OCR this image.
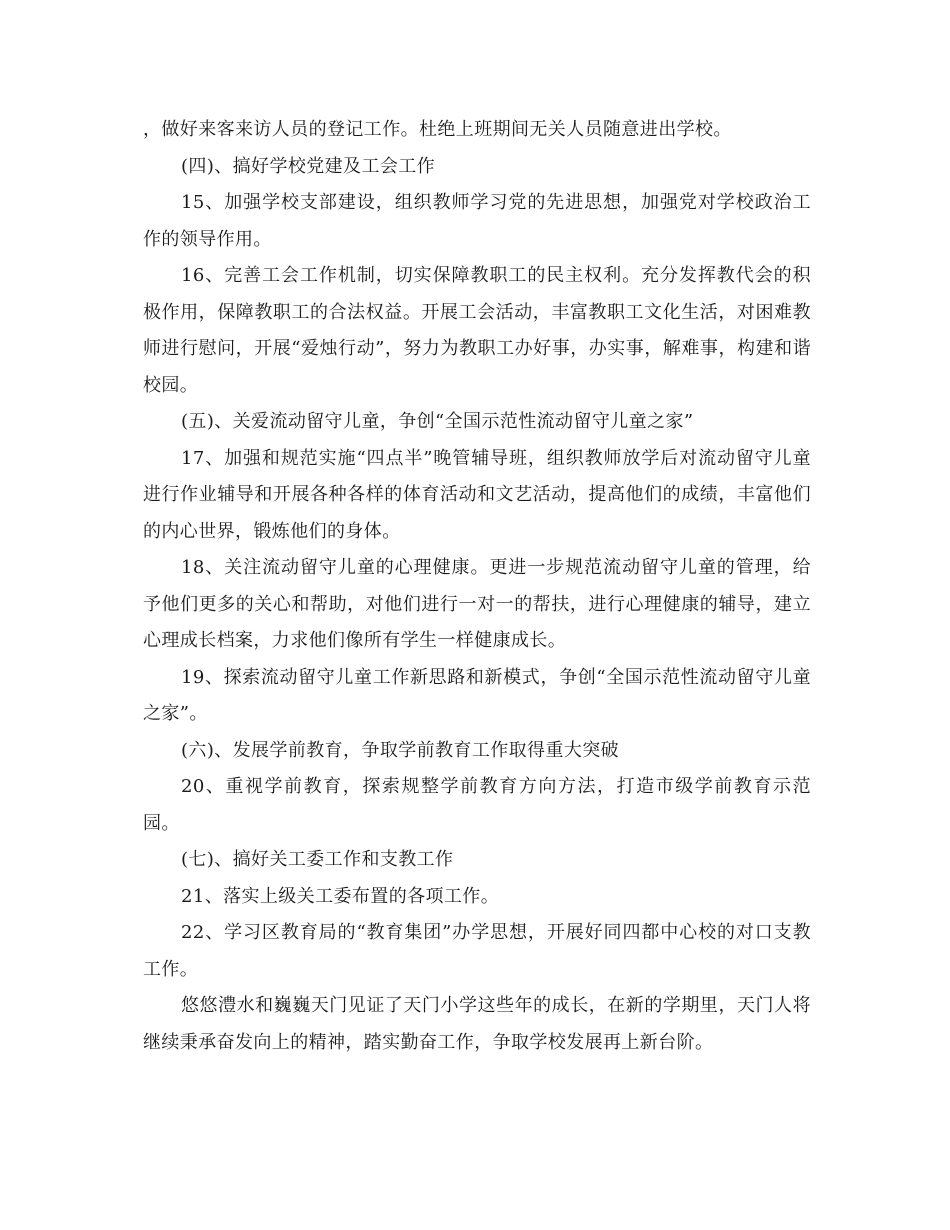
，做好来客来访人员的登记工作。杜绝上班期间无关人员随意进出学校。

(四)、搞好学校党建及工会工作

15、加强学校支部建设，组织教师学习党的先进思想，加强党对学校政治工作的领导作用。

16、完善工会工作机制，切实保障教职工的民主权利。充分发挥教代会的积极作用，保障教职工的合法权益。开展工会活动，丰富教职工文化生活，对困难教师进行慰问，开展“爱烛行动”，努力为教职工办好事，办实事，解难事，构建和谐校园。

(五)、关爱流动留守儿童，争创“全国示范性流动留守儿童之家”

17、加强和规范实施“四点半”晚管辅导班，组织教师放学后对流动留守儿童进行作业辅导和开展各种各样的体育活动和文艺活动，提高他们的成绩，丰富他们的内心世界，锻炼他们的身体。

18、关注流动留守儿童的心理健康。更进一步规范流动留守儿童的管理，给予他们更多的关心和帮助，对他们进行一对一的帮扶，进行心理健康的辅导，建立心理成长档案，力求他们像所有学生一样健康成长。

19、探索流动留守儿童工作新思路和新模式，争创“全国示范性流动留守儿童之家”。

(六)、发展学前教育，争取学前教育工作取得重大突破

20、重视学前教育，探索规整学前教育方向方法，打造市级学前教育示范园。

(七)、搞好关工委工作和支教工作

21、落实上级关工委布置的各项工作。

22、学习区教育局的“教育集团”办学思想，开展好同四都中心校的对口支教工作。

悠悠澧水和巍巍天门见证了天门小学这些年的成长，在新的学期里，天门人将继续秉承奋发向上的精神，踏实勤奋工作，争取学校发展再上新台阶。
